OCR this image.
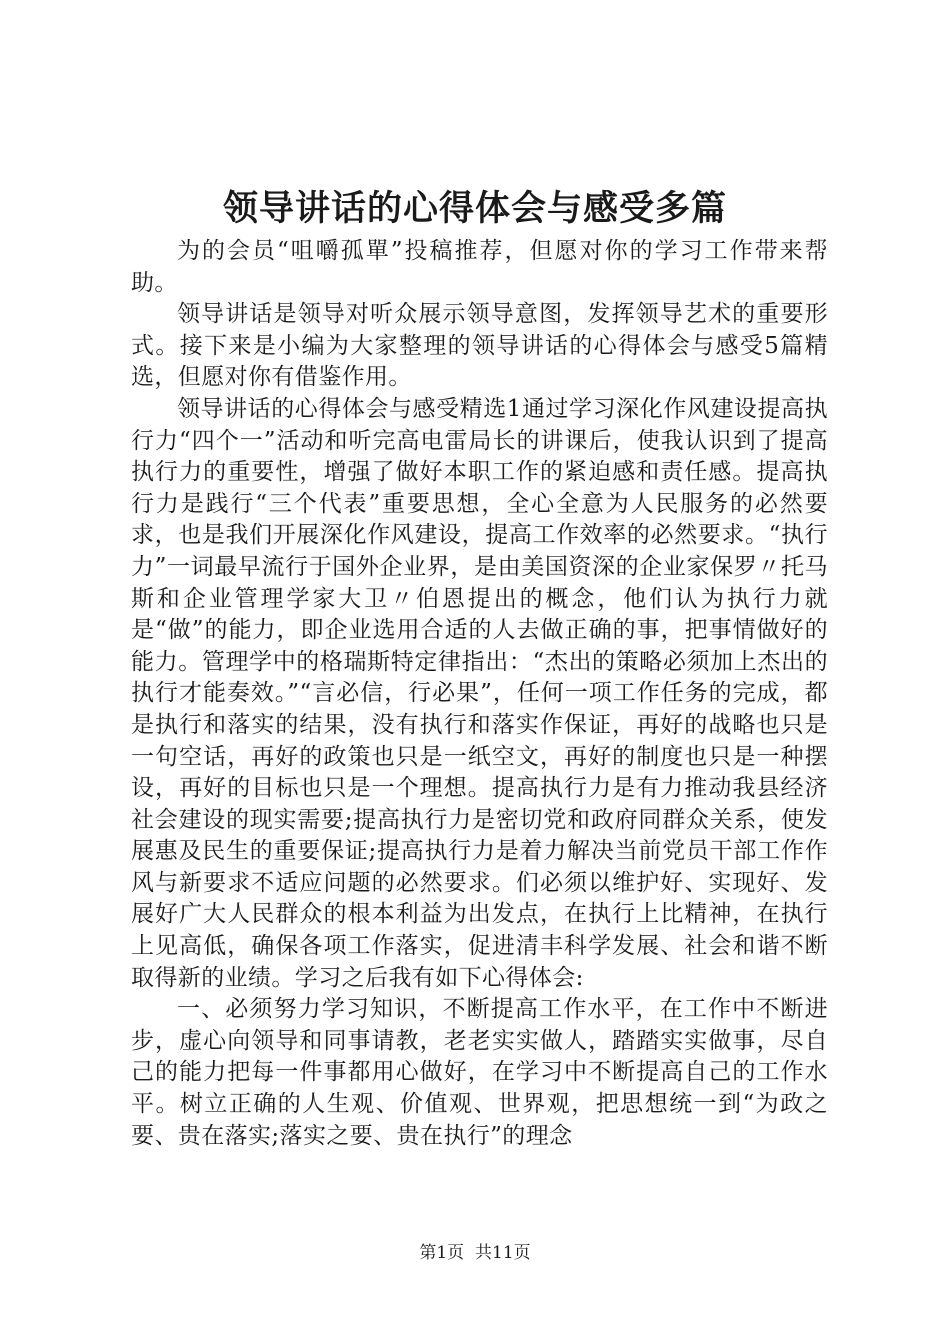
领导讲话的心得体会与感受多篇

为的会员“咀嚼孤單”投稿推荐，但愿对你的学习工作带来帮助。

领导讲话是领导对听众展示领导意图，发挥领导艺术的重要形式。接下来是小编为大家整理的领导讲话的心得体会与感受5篇精选，但愿对你有借鉴作用。

领导讲话的心得体会与感受精选1通过学习深化作风建设提高执行力“四个一”活动和听完高电雷局长的讲课后，使我认识到了提高执行力的重要性，增强了做好本职工作的紧迫感和责任感。提高执行力是践行“三个代表”重要思想，全心全意为人民服务的必然要求，也是我们开展深化作风建设，提高工作效率的必然要求。“执行力”一词最早流行于国外企业界，是由美国资深的企业家保罗〃托马斯和企业管理学家大卫〃伯恩提出的概念，他们认为执行力就是“做”的能力，即企业选用合适的人去做正确的事，把事情做好的能力。管理学中的格瑞斯特定律指出：“杰出的策略必须加上杰出的执行才能奏效。”“言必信，行必果”，任何一项工作任务的完成，都是执行和落实的结果，没有执行和落实作保证，再好的战略也只是一句空话，再好的政策也只是一纸空文，再好的制度也只是一种摆设，再好的目标也只是一个理想。提高执行力是有力推动我县经济社会建设的现实需要;提高执行力是密切党和政府同群众关系，使发展惠及民生的重要保证;提高执行力是着力解决当前党员干部工作作风与新要求不适应问题的必然要求。们必须以维护好、实现好、发展好广大人民群众的根本利益为出发点，在执行上比精神，在执行上见高低，确保各项工作落实，促进清丰科学发展、社会和谐不断取得新的业绩。学习之后我有如下心得体会:

一、必须努力学习知识，不断提高工作水平，在工作中不断进步，虚心向领导和同事请教，老老实实做人，踏踏实实做事，尽自己的能力把每一件事都用心做好，在学习中不断提高自己的工作水平。树立正确的人生观、价值观、世界观，把思想统一到“为政之要、贵在落实;落实之要、贵在执行”的理念

第1页 共11页
